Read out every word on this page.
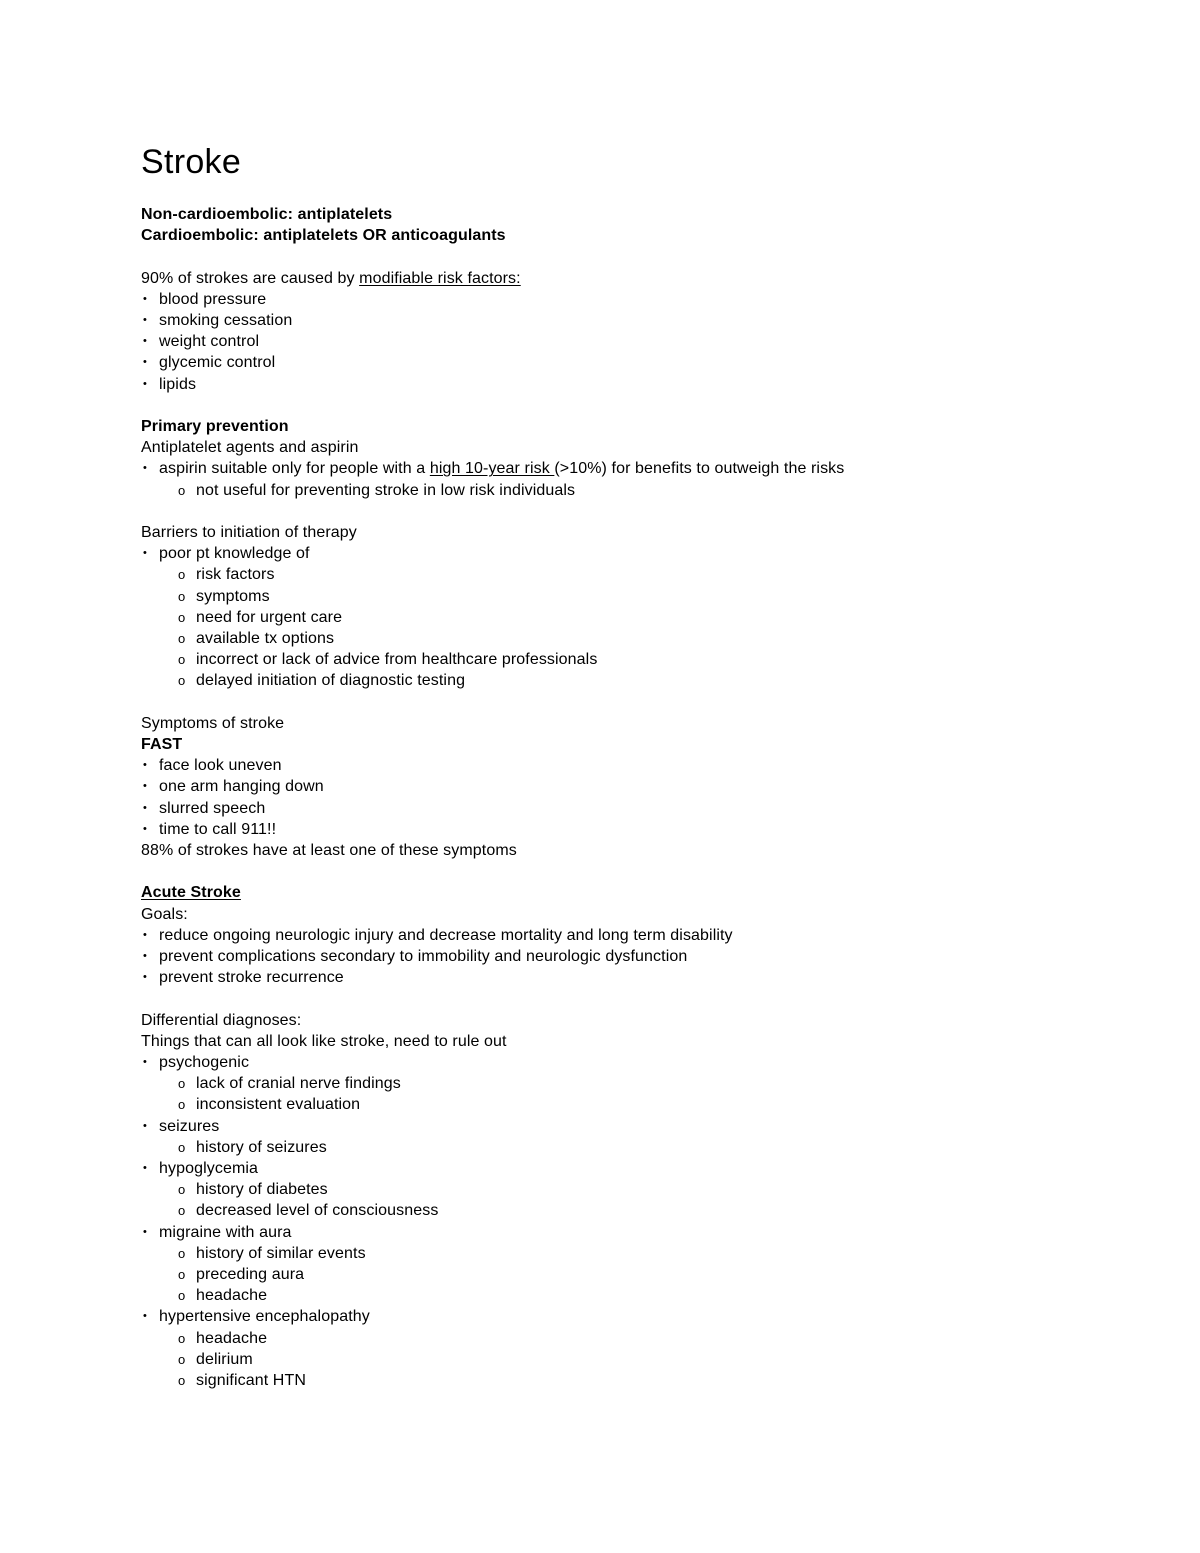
Stroke
Non-cardioembolic: antiplatelets
Cardioembolic: antiplatelets OR anticoagulants
90% of strokes are caused by modifiable risk factors:
• blood pressure
• smoking cessation
• weight control
• glycemic control
• lipids
Primary prevention
Antiplatelet agents and aspirin
• aspirin suitable only for people with a high 10-year risk (>10%) for benefits to outweigh the risks
o not useful for preventing stroke in low risk individuals
Barriers to initiation of therapy
• poor pt knowledge of
o risk factors
o symptoms
o need for urgent care
o available tx options
o incorrect or lack of advice from healthcare professionals
o delayed initiation of diagnostic testing
Symptoms of stroke
FAST
• face look uneven
• one arm hanging down
• slurred speech
• time to call 911!!
88% of strokes have at least one of these symptoms
Acute Stroke
Goals:
• reduce ongoing neurologic injury and decrease mortality and long term disability
• prevent complications secondary to immobility and neurologic dysfunction
• prevent stroke recurrence
Differential diagnoses:
Things that can all look like stroke, need to rule out
• psychogenic
o lack of cranial nerve findings
o inconsistent evaluation
• seizures
o history of seizures
• hypoglycemia
o history of diabetes
o decreased level of consciousness
• migraine with aura
o history of similar events
o preceding aura
o headache
• hypertensive encephalopathy
o headache
o delirium
o significant HTN
